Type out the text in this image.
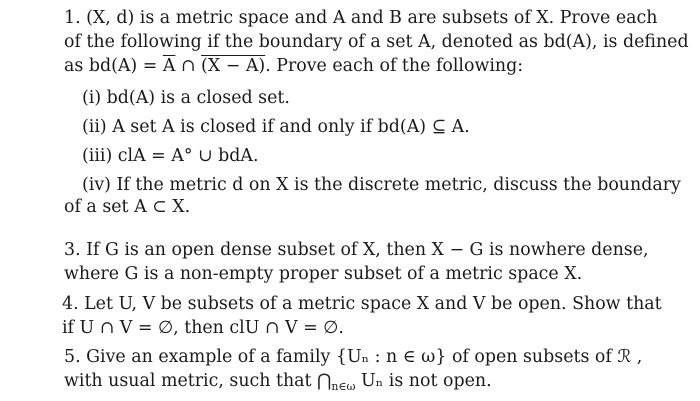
1. (X, d) is a metric space and A and B are subsets of X. Prove each
of the following if the boundary of a set A, denoted as bd(A), is defined
as $bd(A) = \overline{A}$ ∩ (X − A). Prove each of the following:
(i) bd(A) is a closed set.
(ii) A set A is closed if and only if bd(A) ⊆ A.
(iii) clA = A° ∪ bdA.
(iv) If the metric d on X is the discrete metric, discuss the boundary
of a set A ⊂ X.
3. If G is an open dense subset of X, then X − G is nowhere dense,
where G is a non-empty proper subset of a metric space X.
4. Let U, V be subsets of a metric space X and V be open. Show that
if U ∩ V = ∅, then clU ∩ V = ∅.
5. Give an example of a family {Uₙ : n ∈ ω} of open subsets of ℛ ,
with usual metric, such that $⋂_{n\in\omega}$ Uₙ is not open.
